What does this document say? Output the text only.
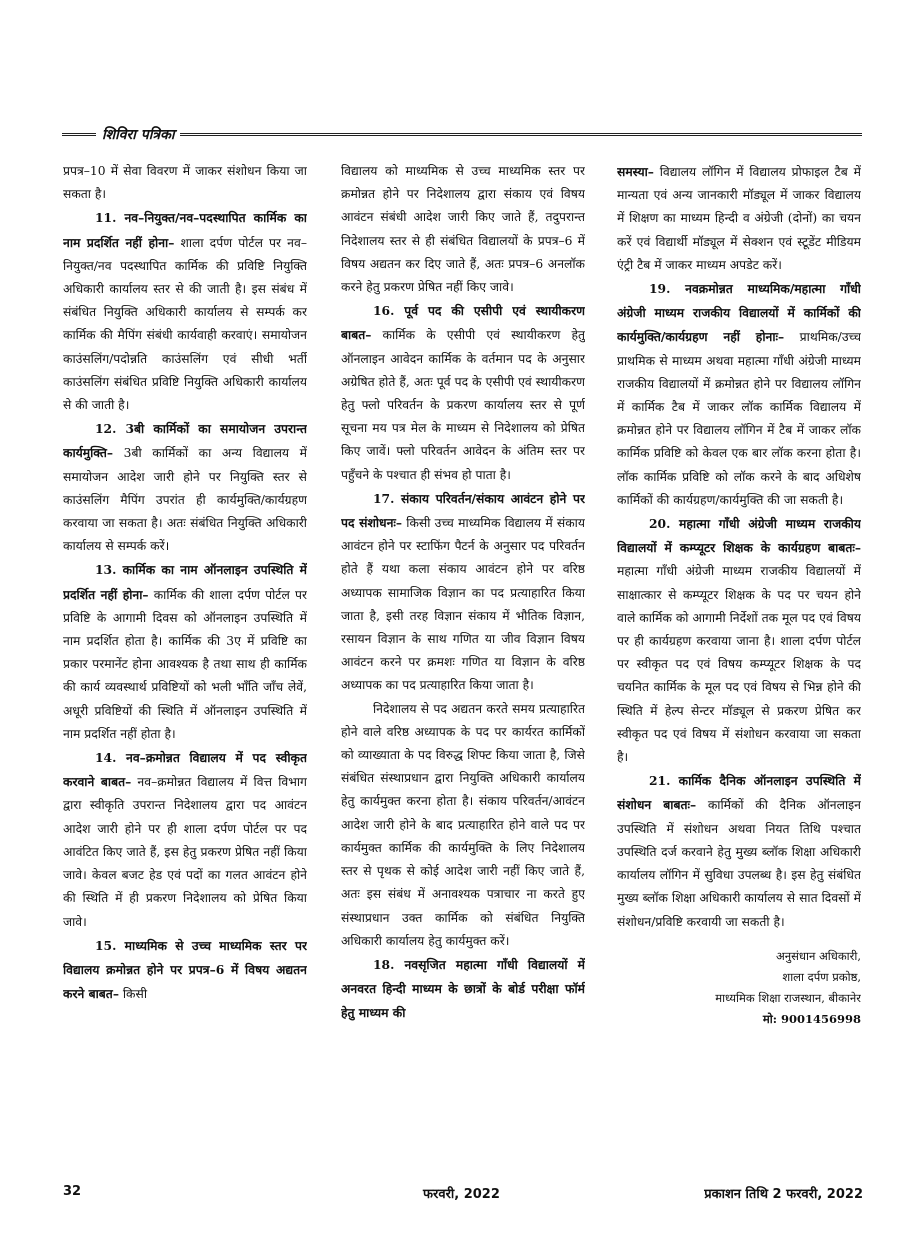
शिविरा पत्रिका

प्रपत्र–10 में सेवा विवरण में जाकर संशोधन किया जा सकता है।

11. नव–नियुक्त/नव–पदस्थापित कार्मिक का नाम प्रदर्शित नहीं होना– शाला दर्पण पोर्टल पर नव–नियुक्त/नव पदस्थापित कार्मिक की प्रविष्टि नियुक्ति अधिकारी कार्यालय स्तर से की जाती है। इस संबंध में संबंधित नियुक्ति अधिकारी कार्यालय से सम्पर्क कर कार्मिक की मैपिंग संबंधी कार्यवाही करवाएं। समायोजन काउंसलिंग/पदोन्नति काउंसलिंग एवं सीधी भर्ती काउंसलिंग संबंधित प्रविष्टि नियुक्ति अधिकारी कार्यालय से की जाती है।

12. 3बी कार्मिकों का समायोजन उपरान्त कार्यमुक्ति– 3बी कार्मिकों का अन्य विद्यालय में समायोजन आदेश जारी होने पर नियुक्ति स्तर से काउंसलिंग मैपिंग उपरांत ही कार्यमुक्ति/कार्यग्रहण करवाया जा सकता है। अतः संबंधित नियुक्ति अधिकारी कार्यालय से सम्पर्क करें।

13. कार्मिक का नाम ऑनलाइन उपस्थिति में प्रदर्शित नहीं होना– कार्मिक की शाला दर्पण पोर्टल पर प्रविष्टि के आगामी दिवस को ऑनलाइन उपस्थिति में नाम प्रदर्शित होता है। कार्मिक की 3ए में प्रविष्टि का प्रकार परमानेंट होना आवश्यक है तथा साथ ही कार्मिक की कार्य व्यवस्थार्थ प्रविष्टियों को भली भाँति जाँच लेवें, अधूरी प्रविष्टियों की स्थिति में ऑनलाइन उपस्थिति में नाम प्रदर्शित नहीं होता है।

14. नव–क्रमोन्नत विद्यालय में पद स्वीकृत करवाने बाबत– नव–क्रमोन्नत विद्यालय में वित्त विभाग द्वारा स्वीकृति उपरान्त निदेशालय द्वारा पद आवंटन आदेश जारी होने पर ही शाला दर्पण पोर्टल पर पद आवंटित किए जाते हैं, इस हेतु प्रकरण प्रेषित नहीं किया जावे। केवल बजट हेड एवं पदों का गलत आवंटन होने की स्थिति में ही प्रकरण निदेशालय को प्रेषित किया जावे।

15. माध्यमिक से उच्च माध्यमिक स्तर पर विद्यालय क्रमोन्नत होने पर प्रपत्र–6 में विषय अद्यतन करने बाबत– किसी

विद्यालय को माध्यमिक से उच्च माध्यमिक स्तर पर क्रमोन्नत होने पर निदेशालय द्वारा संकाय एवं विषय आवंटन संबंधी आदेश जारी किए जाते हैं, तदुपरान्त निदेशालय स्तर से ही संबंधित विद्यालयों के प्रपत्र–6 में विषय अद्यतन कर दिए जाते हैं, अतः प्रपत्र–6 अनलॉक करने हेतु प्रकरण प्रेषित नहीं किए जावे।

16. पूर्व पद की एसीपी एवं स्थायीकरण बाबत– कार्मिक के एसीपी एवं स्थायीकरण हेतु ऑनलाइन आवेदन कार्मिक के वर्तमान पद के अनुसार अग्रेषित होते हैं, अतः पूर्व पद के एसीपी एवं स्थायीकरण हेतु फ्लो परिवर्तन के प्रकरण कार्यालय स्तर से पूर्ण सूचना मय पत्र मेल के माध्यम से निदेशालय को प्रेषित किए जावें। फ्लो परिवर्तन आवेदन के अंतिम स्तर पर पहुँचने के पश्चात ही संभव हो पाता है।

17. संकाय परिवर्तन/संकाय आवंटन होने पर पद संशोधनः– किसी उच्च माध्यमिक विद्यालय में संकाय आवंटन होने पर स्टाफिंग पैटर्न के अनुसार पद परिवर्तन होते हैं यथा कला संकाय आवंटन होने पर वरिष्ठ अध्यापक सामाजिक विज्ञान का पद प्रत्याहारित किया जाता है, इसी तरह विज्ञान संकाय में भौतिक विज्ञान, रसायन विज्ञान के साथ गणित या जीव विज्ञान विषय आवंटन करने पर क्रमशः गणित या विज्ञान के वरिष्ठ अध्यापक का पद प्रत्याहारित किया जाता है।

निदेशालय से पद अद्यतन करते समय प्रत्याहारित होने वाले वरिष्ठ अध्यापक के पद पर कार्यरत कार्मिकों को व्याख्याता के पद विरुद्ध शिफ्ट किया जाता है, जिसे संबंधित संस्थाप्रधान द्वारा नियुक्ति अधिकारी कार्यालय हेतु कार्यमुक्त करना होता है। संकाय परिवर्तन/आवंटन आदेश जारी होने के बाद प्रत्याहारित होने वाले पद पर कार्यमुक्त कार्मिक की कार्यमुक्ति के लिए निदेशालय स्तर से पृथक से कोई आदेश जारी नहीं किए जाते हैं, अतः इस संबंध में अनावश्यक पत्राचार ना करते हुए संस्थाप्रधान उक्त कार्मिक को संबंधित नियुक्ति अधिकारी कार्यालय हेतु कार्यमुक्त करें।

18. नवसृजित महात्मा गाँधी विद्यालयों में अनवरत हिन्दी माध्यम के छात्रों के बोर्ड परीक्षा फॉर्म हेतु माध्यम की

समस्या– विद्यालय लॉगिन में विद्यालय प्रोफाइल टैब में मान्यता एवं अन्य जानकारी मॉड्यूल में जाकर विद्यालय में शिक्षण का माध्यम हिन्दी व अंग्रेजी (दोनों) का चयन करें एवं विद्यार्थी मॉड्यूल में सेक्शन एवं स्टूडेंट मीडियम एंट्री टैब में जाकर माध्यम अपडेट करें।

19. नवक्रमोन्नत माध्यमिक/महात्मा गाँधी अंग्रेजी माध्यम राजकीय विद्यालयों में कार्मिकों की कार्यमुक्ति/कार्यग्रहण नहीं होनाः– प्राथमिक/उच्च प्राथमिक से माध्यम अथवा महात्मा गाँधी अंग्रेजी माध्यम राजकीय विद्यालयों में क्रमोन्नत होने पर विद्यालय लॉगिन में कार्मिक टैब में जाकर लॉक कार्मिक विद्यालय में क्रमोन्नत होने पर विद्यालय लॉगिन में टैब में जाकर लॉक कार्मिक प्रविष्टि को केवल एक बार लॉक करना होता है। लॉक कार्मिक प्रविष्टि को लॉक करने के बाद अधिशेष कार्मिकों की कार्यग्रहण/कार्यमुक्ति की जा सकती है।

20. महात्मा गाँधी अंग्रेजी माध्यम राजकीय विद्यालयों में कम्प्यूटर शिक्षक के कार्यग्रहण बाबतः– महात्मा गाँधी अंग्रेजी माध्यम राजकीय विद्यालयों में साक्षात्कार से कम्प्यूटर शिक्षक के पद पर चयन होने वाले कार्मिक को आगामी निर्देशों तक मूल पद एवं विषय पर ही कार्यग्रहण करवाया जाना है। शाला दर्पण पोर्टल पर स्वीकृत पद एवं विषय कम्प्यूटर शिक्षक के पद चयनित कार्मिक के मूल पद एवं विषय से भिन्न होने की स्थिति में हेल्प सेन्टर मॉड्यूल से प्रकरण प्रेषित कर स्वीकृत पद एवं विषय में संशोधन करवाया जा सकता है।

21. कार्मिक दैनिक ऑनलाइन उपस्थिति में संशोधन बाबतः– कार्मिकों की दैनिक ऑनलाइन उपस्थिति में संशोधन अथवा नियत तिथि पश्चात उपस्थिति दर्ज करवाने हेतु मुख्य ब्लॉक शिक्षा अधिकारी कार्यालय लॉगिन में सुविधा उपलब्ध है। इस हेतु संबंधित मुख्य ब्लॉक शिक्षा अधिकारी कार्यालय से सात दिवसों में संशोधन/प्रविष्टि करवायी जा सकती है।

अनुसंधान अधिकारी,
शाला दर्पण प्रकोष्ठ,
माध्यमिक शिक्षा राजस्थान, बीकानेर
मो: 9001456998
32	फरवरी, 2022	प्रकाशन तिथि 2 फरवरी, 2022
